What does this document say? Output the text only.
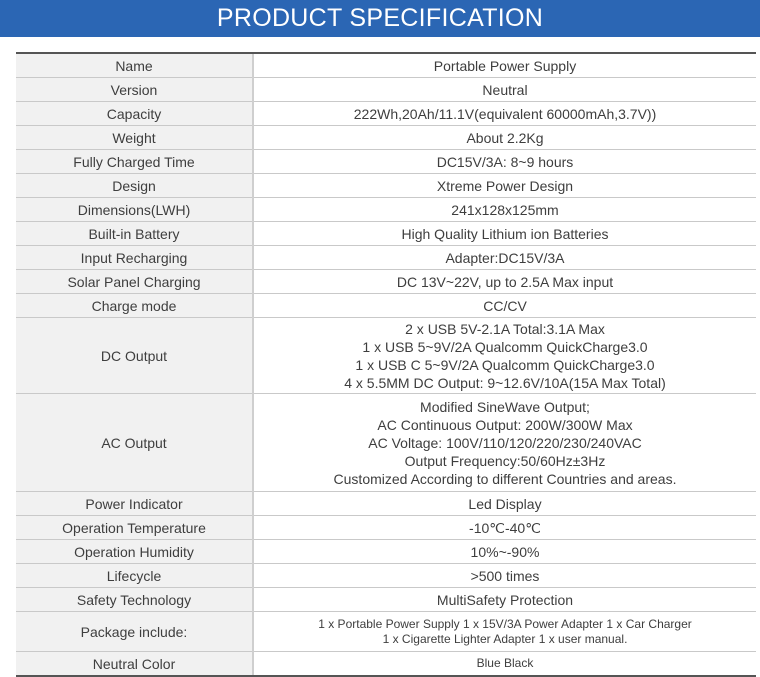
PRODUCT SPECIFICATION
Name	Portable Power Supply
Version	Neutral
Capacity	222Wh,20Ah/11.1V(equivalent 60000mAh,3.7V))
Weight	About 2.2Kg
Fully Charged Time	DC15V/3A: 8~9 hours
Design	Xtreme Power Design
Dimensions(LWH)	241x128x125mm
Built-in Battery	High Quality Lithium ion Batteries
Input Recharging	Adapter:DC15V/3A
Solar Panel Charging	DC 13V~22V, up to 2.5A Max input
Charge mode	CC/CV
DC Output	2 x USB 5V-2.1A Total:3.1A Max
1 x USB 5~9V/2A Qualcomm QuickCharge3.0
1 x USB C 5~9V/2A Qualcomm QuickCharge3.0
4 x 5.5MM DC Output: 9~12.6V/10A(15A Max Total)

AC Output	Modified SineWave Output;
AC Continuous Output: 200W/300W Max
AC Voltage: 100V/110/120/220/230/240VAC
Output Frequency:50/60Hz±3Hz
Customized According to different Countries and areas.

Power Indicator	Led Display
Operation Temperature	-10℃-40℃
Operation Humidity	10%~-90%
Lifecycle	>500 times
Safety Technology	MultiSafety Protection
Package include:	1 x Portable Power Supply 1 x 15V/3A Power Adapter 1 x Car Charger
1 x Cigarette Lighter Adapter 1 x user manual.

Neutral Color	Blue Black
